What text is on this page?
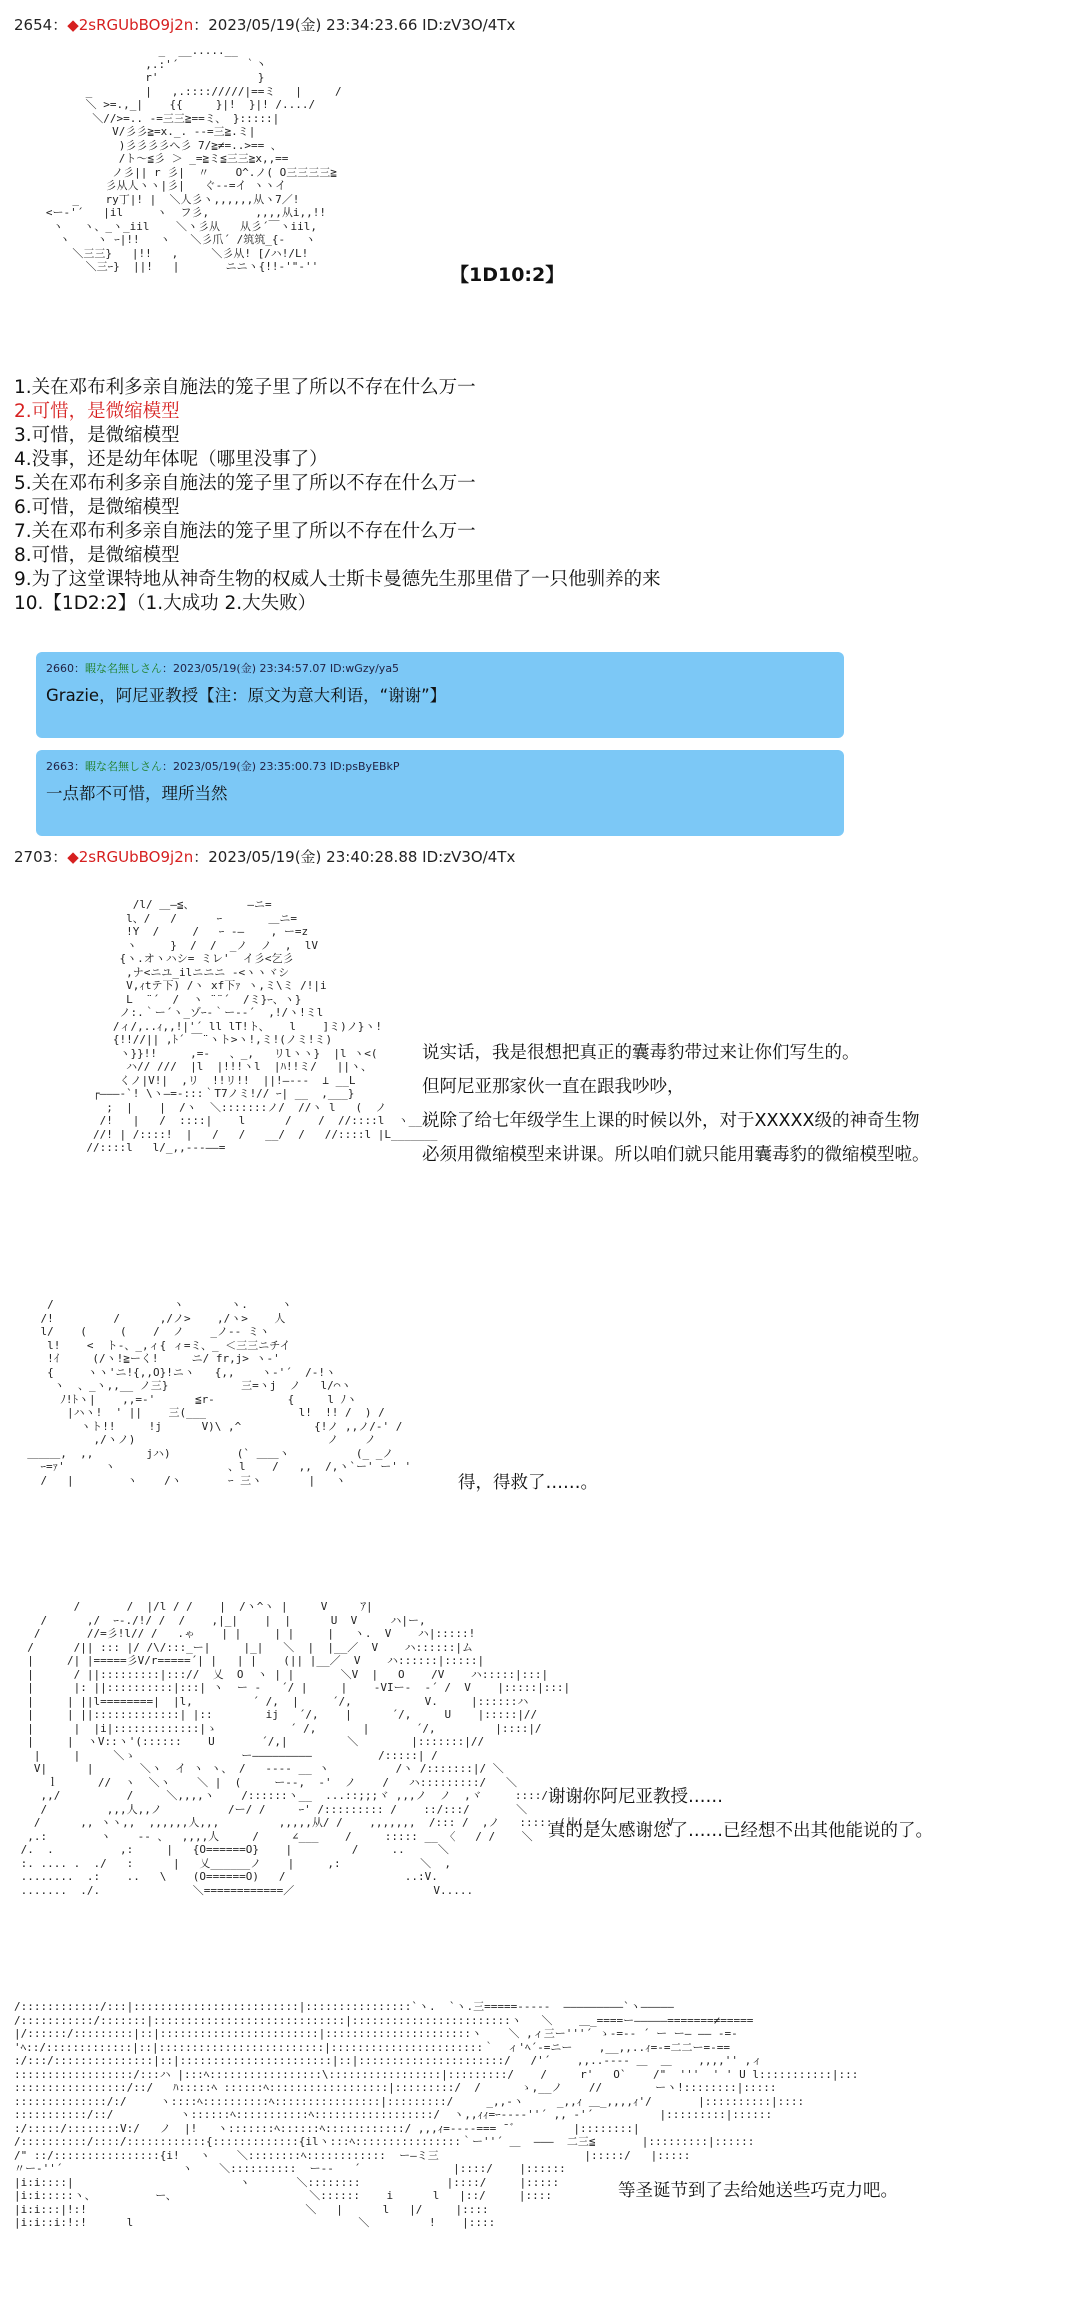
2654：◆2sRGUbBO9j2n：2023/05/19(金) 23:34:23.66 ID:zV3O/4Tx
_  __.....__
,.:'´          ｀丶
r'               }
_        |   ,.:::://///|==ミ   |     /
＼ >=.,_|    {{     }|!  }|! /..../
＼//>=.. -=三三≧==ミ、 }:::::|
V/彡彡≧=x._. --=三≧.ミ|
)彡彡彡彡へ彡 7/≧≠=..>== 、
/ト〜≦彡 ＞ _=≧ミ≦三三≧x,,==
ノ彡|| r 彡|  〃    O^.ノ( O三三三三≧
彡从人ヽヽ|彡|   ぐ--=イ ヽヽイ
_    ry丁|! |  ＼人彡ヽ,,,,,,从ヽ7／!
<ー‐'´   |il     ヽ  フ彡,       ,,,,从i,,!!
ヽ   ヽ、_ヽ_iil    ＼ヽ彡从   从彡´￣ヽiil,
ヽ    ヽ ｰ|!!   ヽ   ＼彡爪´ /筑筑_{-   ヽ
＼三三}   |!!   ,     ＼彡从! [/ハ!/L!
＼三ｰ}  ||!   |       ニニヽ{!!-'"-''	【1D10:2】
1.关在邓布利多亲自施法的笼子里了所以不存在什么万一
2.可惜，是微缩模型
3.可惜，是微缩模型
4.没事，还是幼年体呢（哪里没事了）
5.关在邓布利多亲自施法的笼子里了所以不存在什么万一
6.可惜，是微缩模型
7.关在邓布利多亲自施法的笼子里了所以不存在什么万一
8.可惜，是微缩模型
9.为了这堂课特地从神奇生物的权威人士斯卡曼德先生那里借了一只他驯养的来
10.【1D2:2】（1.大成功 2.大失败）
2660：暇な名無しさん：2023/05/19(金) 23:34:57.07 ID:wGzy/ya5
Grazie，阿尼亚教授【注：原文为意大利语，“谢谢”】
2663：暇な名無しさん：2023/05/19(金) 23:35:00.73 ID:psByEBkP
一点都不可惜，理所当然
2703：◆2sRGUbBO9j2n：2023/05/19(金) 23:40:28.88 ID:zV3O/4Tx
/l/ ＿―≦、        ―ニ=
l、/   /      ｰ       ＿ニ=
!Y  /     /   ｰ ‐―    , ー=z
ヽ     }  /  /  _ノ  ノ  ,  lV
{ヽ.オヽハシ= ミレ'  イ彡<乞彡
,ナ<ニユ_ilニニニ ‐<ヽヽヾシ
V,ｨtテ下) /ヽ xf下ｧ ヽ,ミ\ミ /!|i
L  ¨´  /  ヽ ¨¨´  /ミ}ｰ、ヽ}
ノ:.｀ー´ヽ_ゾｰ-｀ー‐-´  ,!/ヽ!ミl
/ィ/,..ｨ,,!|'´ ll lT!ト、   l    ]ミ)ノ}ヽ!
{!!//|| ,ﾄ´ ￣¨ヽト>ヽ!,ミ!(ノミ!ミ)
ヽ}}!!     ,=-   、_,   リlヽヽ}  |l ヽ<(
ハ// ///  |l  |!!!ヽl  |ﾊ!!ミ/   ||ヽ、
くノ|V!|  ,リ  !!リ!!  ||!―-‐-  ⊥ __L
┌―――-`! \ヽ―=-:::｀T7ノミ!// ｰ| __  ,___}
;  |    |  /ヽ  ＼:::::::ノ/  //ヽ l   (  ノ
/!   |   /  ::::|    l      /    /  //::::l  ヽ__/
//! | /::::!  |   /   /   __/  /   //::::l |L_______
//::::l   l/_,,--‐――=
说实话，我是很想把真正的囊毒豹带过来让你们写生的。
但阿尼亚那家伙一直在跟我吵吵，
说除了给七年级学生上课的时候以外，对于XXXXX级的神奇生物
必须用微缩模型来讲课。所以咱们就只能用囊毒豹的微缩模型啦。
/                  ヽ       ヽ.     ヽ
/!         /      ,/ノ>    ,/ヽ>    人
l/    (     (    /  ノ    _ノ-‐ ミヽ
l!    <  ト-、_,ィ{ ィ=ミ、_ ＜三三ニチイ
!ｲ     (/ヽ!≧ーく!     ニ/ fr,j> ヽ‐'
{     ヽヽ'ニ!{,,O}!ニヽ   {,,    ヽ-'´  /-!ヽ
ヽ  、_ヽ,,__ ノ三}           三=ヽj  ノ   l/⌒ヽ
ﾉ!ﾄヽ|    ,,=-'      ≦r‐           {     l ﾉヽ
|ハヽ!  ' ||    三(___              l!  !! /  ) /
ヽト!!     !j      V)\ ,^           {!ノ ,,ノ/‐' /
,/ヽノ)                             ノ    ノ
＿＿＿,  ,,        jハ)          (` ＿＿ヽ          (_ _ノ
ｰ=ｧ'      ヽ                 、l    /   ,,  /,ヽ`ー' ー' '
/   |        ヽ    /ヽ       ｰ 三ヽ       |   ヽ	得，得救了……。
/       /  |/l / /    |  /ヽ^ヽ |     V     ｱ|
/      ,/  ｰ‐./!/ /  /    ,|_|    |  |      U  V     ハ|ー,
/       //=彡!l// /   .ゃ    | |     | |     |   ヽ.  V    ハ|:::::!
/      /|| ::: |/ /\/:::_ー|     |_|   ＼  |  |__／  V    ハ::::::|ム
|     /| |=====彡V/r=====´| |   | |    (|| |__／  V    ハ::::::|:::::|
|      / ||:::::::::|::://  乂  O  ヽ | |       ＼V  |   O    /V    ハ:::::|:::|
|      |: ||::::::::::|:::| ヽ  ー -   ´/ |     |    ‐VIー-  ‐´ /  V    |:::::|:::|
|     | ||l========|  |l,         ´ /,  |     ´/,           V.     |::::::ハ
|     | ||:::::::::::::| |::        ij   ´/,    |      ´/,     U    |:::::|//
|      |  |i|:::::::::::::|ゝ           ´ /,       |       ´/,         |::::|/
|     |  ヽV::ヽ'(::::::    U       ´/,|         ＼        |:::::::|//
|     |     ＼ゝ                ー―――――――――          /:::::| /
V|      |       ＼ヽ  イ ヽ ヽ、 /   ‐‐‐‐ __ ヽ          /ヽ /:::::::|/ ＼
ｌ      //  ヽ  ＼ヽ    ＼ |  (     ー‐-,  -'  ノ    /   ハ:::::::::/   ＼
,,/          /     ＼,,,,ヽ    /::::::ヽ__  ...::;;;ヾ ,,,ノ  ノ  ,ヾ     ::::/     ,
/         ,,,人,,ノ          /ー/ /     ｰ' /::::::::: /    ::/:::/       ＼
/      ,, ヽヽ,,  ,,,,,,人,,,         ,,,,,从/ /    ,,,,,,,  /::: /  ,ノ   ::::: (从(ヽ;/  ,      V
,.:        ヽ    ‐‐ 、  ,,,,人     /     ∠___    /     ::::: __ 〈   / /    ＼
/.  .          ,:     |   {O======O}    |         /     ..     ＼
:. .... .  ./   :      |   乂______ノ    |     ,:            ＼  ,
........  .:    ..   \    (O======O)   /                  ..:V.
.......  ./.              ＼============／                     V.....
谢谢你阿尼亚教授……
真的是太感谢您了……已经想不出其他能说的了。
/::::::::::::/:::|:::::::::::::::::::::::::|::::::::::::::::`ヽ.  `ヽ.三=====-----  ―――――――――`ヽ―――――
/:::::::::::/:::::::|:::::::::::::::::::::::::::::|::::::::::::::::::::::::ヽ   ＼    ＿_====ー―――――=======≠=====
|/::::::/:::::::::|::|::::::::::::::::::::::::|::::::::::::::::::::::ヽ    ＼ ,ィ三ー'''´ ゝ-=‐‐ ´ ー ー― ―― ‐=‐
'ﾍ::/:::::::::::::|::|:::::::::::::::::::::::::|:::::::::::::::::::::::｀  ィ'ﾍ´-=ニー    ,__,,..ｨ=-=二二ー=-==
:/:::/:::::::::::::::|::|:::::::::::::::::::::::|::|::::::::::::::::::::::/   /'´    ,,..---- ＿  ＿    ,,,,'' ,ィ
::::::::::::::::::/:::ハ |:::ﾍ:::::::::::::::::\:::::::::::::::::|:::::::::/    /     r'   O`    /"  '''  ' ' U l:::::::::::|:::
:::::::::::::::::/::/   ﾊ:::::ﾍ ::::::ﾍ::::::::::::::::::|:::::::::/  /      ゝ,__ノ    //        ーヽ!::::::::|:::::
::::::::::::::/:/     ヽ::::ﾍ::::::::::ﾍ::::::::::::::::|:::::::::/     _,,-ヽ     _,,ｨ ＿_,,,,ｨ'/       |::::::::::|::::
:::::::::::/::/          ヽ::::::ﾍ:::::::::::ﾍ::::::::::::::::::/  ヽ,,ｨｨ=ｰ--‐‐''´ ,, ‐'´          |:::::::::|::::::
:/:::::/::::::::V:/   ノ  |!   ヽ:::::::ﾍ::::::ﾍ::::::::::::/ ,,,ｨ=-‐‐‐=== ̄ ゛        |::::::::|
/::::::::::/::::/::::::::::::{:::::::::::::{ilヽ:::ﾍ::::::::::::::::｀ー''´ ＿  ―――  二三≦       |:::::::::|::::::
/" ::/::::::::::::::::{i!   ヽ    ＼::::::::ﾍ::::::::::::  ー―ミ三                      |:::::/   |:::::
〃ー‐''´                  ヽ    ＼::::::::::  ー-‐   ´              |::::/    |::::::
|i:i::::|                         ヽ       ＼::::::::             |::::/     |:::::
|i:i:::::ヽ、         ー、                    ＼::::::    i      l   |::/     |::::
|i:i:::|!:!                                 ＼   |      l   |/     |::::
|i:i::i:!:!      l                                  ＼         !    |::::
等圣诞节到了去给她送些巧克力吧。
